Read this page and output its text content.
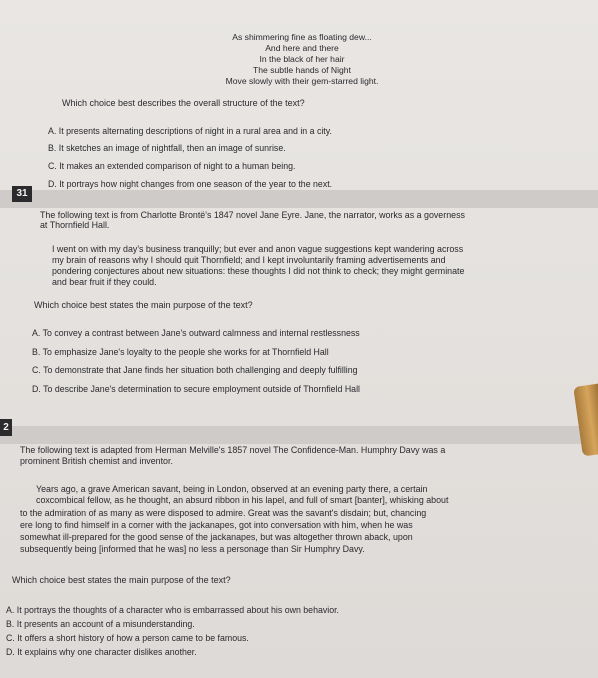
As shimmering fine as floating dew...
And here and there
In the black of her hair
The subtle hands of Night
Move slowly with their gem-starred light.
Which choice best describes the overall structure of the text?
A. It presents alternating descriptions of night in a rural area and in a city.
B. It sketches an image of nightfall, then an image of sunrise.
C. It makes an extended comparison of night to a human being.
D. It portrays how night changes from one season of the year to the next.
31
The following text is from Charlotte Brontë's 1847 novel Jane Eyre. Jane, the narrator, works as a governess
at Thornfield Hall.
I went on with my day's business tranquilly; but ever and anon vague suggestions kept wandering across
my brain of reasons why I should quit Thornfield; and I kept involuntarily framing advertisements and
pondering conjectures about new situations: these thoughts I did not think to check; they might germinate
and bear fruit if they could.
Which choice best states the main purpose of the text?
A. To convey a contrast between Jane's outward calmness and internal restlessness
B. To emphasize Jane's loyalty to the people she works for at Thornfield Hall
C. To demonstrate that Jane finds her situation both challenging and deeply fulfilling
D. To describe Jane's determination to secure employment outside of Thornfield Hall
2
The following text is adapted from Herman Melville's 1857 novel The Confidence-Man. Humphry Davy was a
prominent British chemist and inventor.
Years ago, a grave American savant, being in London, observed at an evening party there, a certain
coxcombical fellow, as he thought, an absurd ribbon in his lapel, and full of smart [banter], whisking about
to the admiration of as many as were disposed to admire. Great was the savant's disdain; but, chancing
ere long to find himself in a corner with the jackanapes, got into conversation with him, when he was
somewhat ill-prepared for the good sense of the jackanapes, but was altogether thrown aback, upon
subsequently being [informed that he was] no less a personage than Sir Humphry Davy.
Which choice best states the main purpose of the text?
A. It portrays the thoughts of a character who is embarrassed about his own behavior.
B. It presents an account of a misunderstanding.
C. It offers a short history of how a person came to be famous.
D. It explains why one character dislikes another.
